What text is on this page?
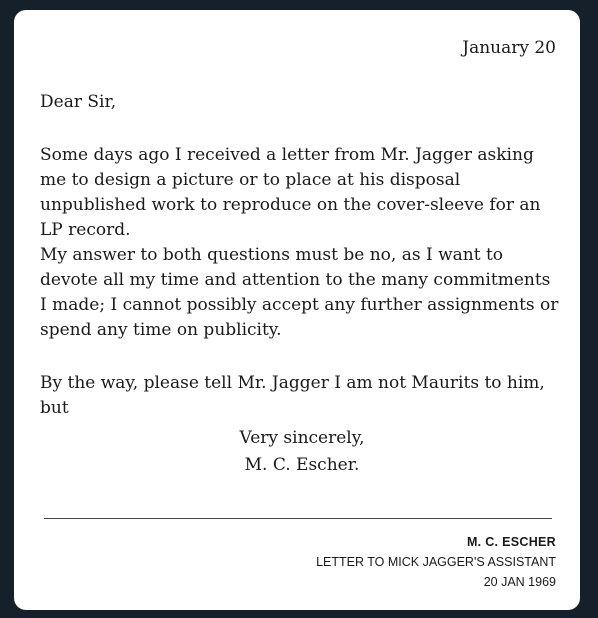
January 20
Dear Sir,

Some days ago I received a letter from Mr. Jagger asking me to design a picture or to place at his disposal unpublished work to reproduce on the cover-sleeve for an LP record.

My answer to both questions must be no, as I want to devote all my time and attention to the many commitments I made; I cannot possibly accept any further assignments or spend any time on publicity.

By the way, please tell Mr. Jagger I am not Maurits to him, but

Very sincerely,
M. C. Escher.
M. C. ESCHER
LETTER TO MICK JAGGER'S ASSISTANT
20 JAN 1969
